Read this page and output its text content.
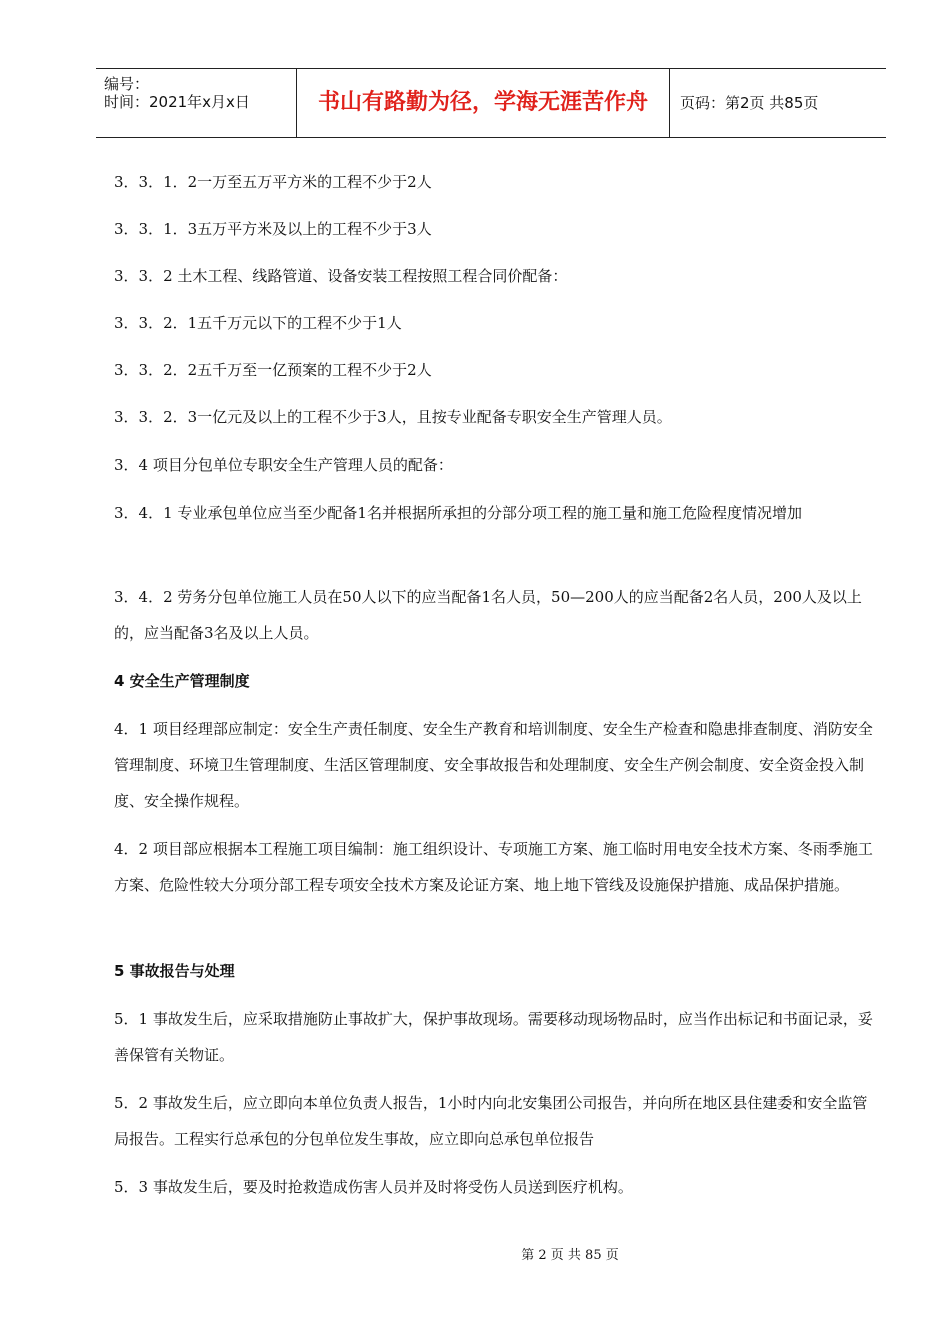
编号：
时间：2021年x月x日	书山有路勤为径，学海无涯苦作舟	页码：第2页 共85页
3．3．1．2一万至五万平方米的工程不少于2人
3．3．1．3五万平方米及以上的工程不少于3人
3．3．2 土木工程、线路管道、设备安装工程按照工程合同价配备：
3．3．2．1五千万元以下的工程不少于1人
3．3．2．2五千万至一亿预案的工程不少于2人
3．3．2．3一亿元及以上的工程不少于3人，且按专业配备专职安全生产管理人员。
3．4 项目分包单位专职安全生产管理人员的配备：
3．4．1 专业承包单位应当至少配备1名并根据所承担的分部分项工程的施工量和施工危险程度情况增加
3．4．2 劳务分包单位施工人员在50人以下的应当配备1名人员，50—200人的应当配备2名人员，200人及以上的，应当配备3名及以上人员。
4 安全生产管理制度
4．1 项目经理部应制定：安全生产责任制度、安全生产教育和培训制度、安全生产检查和隐患排查制度、消防安全管理制度、环境卫生管理制度、生活区管理制度、安全事故报告和处理制度、安全生产例会制度、安全资金投入制度、安全操作规程。
4．2 项目部应根据本工程施工项目编制：施工组织设计、专项施工方案、施工临时用电安全技术方案、冬雨季施工方案、危险性较大分项分部工程专项安全技术方案及论证方案、地上地下管线及设施保护措施、成品保护措施。
5 事故报告与处理
5．1 事故发生后，应采取措施防止事故扩大，保护事故现场。需要移动现场物品时，应当作出标记和书面记录，妥善保管有关物证。
5．2 事故发生后，应立即向本单位负责人报告，1小时内向北安集团公司报告，并向所在地区县住建委和安全监管局报告。工程实行总承包的分包单位发生事故，应立即向总承包单位报告
5．3 事故发生后，要及时抢救造成伤害人员并及时将受伤人员送到医疗机构。
第 2 页 共 85 页
